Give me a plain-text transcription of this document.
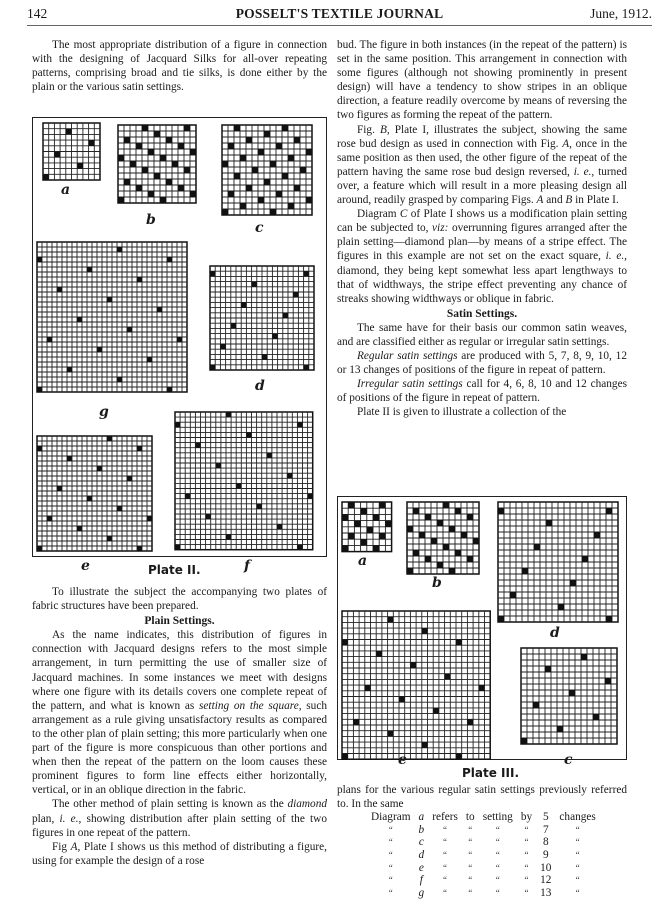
142	POSSELT'S TEXTILE JOURNAL	June, 1912.

The most appropriate distribution of a figure in connection with the designing of Jacquard Silks for all-over repeating patterns, comprising broad and tie silks, is done either by the plain or the various satin settings.

a
b	c
d
e	f
g
Plate II.

To illustrate the subject the accompanying two plates of fabric structures have been prepared.

Plain Settings.

As the name indicates, this distribution of figures in connection with Jacquard designs refers to the most simple arrangement, in turn permitting the use of smaller size of Jacquard machines. In some instances we meet with designs where one figure with its details covers one complete repeat of the pattern, and what is known as setting on the square, such arrangement as a rule giving unsatisfactory results as compared to the other plan of plain setting; this more particularly when one part of the figure is more conspicuous than other portions and when then the repeat of the pattern on the loom causes these prominent figures to form line effects either horizontally, vertical, or in an oblique direction in the fabric.

The other method of plain setting is known as the diamond plan, i. e., showing distribution after plain setting of the two figures in one repeat of the pattern.

Fig A, Plate I shows us this method of distributing a figure, using for example the design of a rose

bud. The figure in both instances (in the repeat of the pattern) is set in the same position. This arrangement in connection with some figures (although not showing prominently in present design) will have a tendency to show stripes in an oblique direction, a feature readily overcome by means of reversing the two figures as forming the repeat of the pattern.

Fig. B, Plate I, illustrates the subject, showing the same rose bud design as used in connection with Fig. A, once in the same position as then used, the other figure of the repeat of the pattern having the same rose bud design reversed, i. e., turned over, a feature which will result in a more pleasing design all around, readily grasped by comparing Figs. A and B in Plate I.

Diagram C of Plate I shows us a modification plain setting can be subjected to, viz: overrunning figures arranged after the plain setting—diamond plan—by means of a stripe effect. The figures in this example are not set on the exact square, i. e., diamond, they being kept somewhat less apart lengthways to that of widthways, the stripe effect preventing any chance of streaks showing widthways or oblique in fabric.

Satin Settings.

The same have for their basis our common satin weaves, and are classified either as regular or irregular satin settings.

Regular satin settings are produced with 5, 7, 8, 9, 10, 12 or 13 changes of positions of the figure in repeat of pattern.

Irregular satin settings call for 4, 6, 8, 10 and 12 changes of positions of the figure in repeat of pattern.

Plate II is given to illustrate a collection of the

a
b
c
d
e
Plate III.

plans for the various regular satin settings previously referred to. In the same

Diagram	a	refers	to	setting	by	5	changes
“	b	“	“	“	“	7	“
“	c	“	“	“	“	8	“
“	d	“	“	“	“	9	“
“	e	“	“	“	“	10	“
“	f	“	“	“	“	12	“
“	g	“	“	“	“	13	“
